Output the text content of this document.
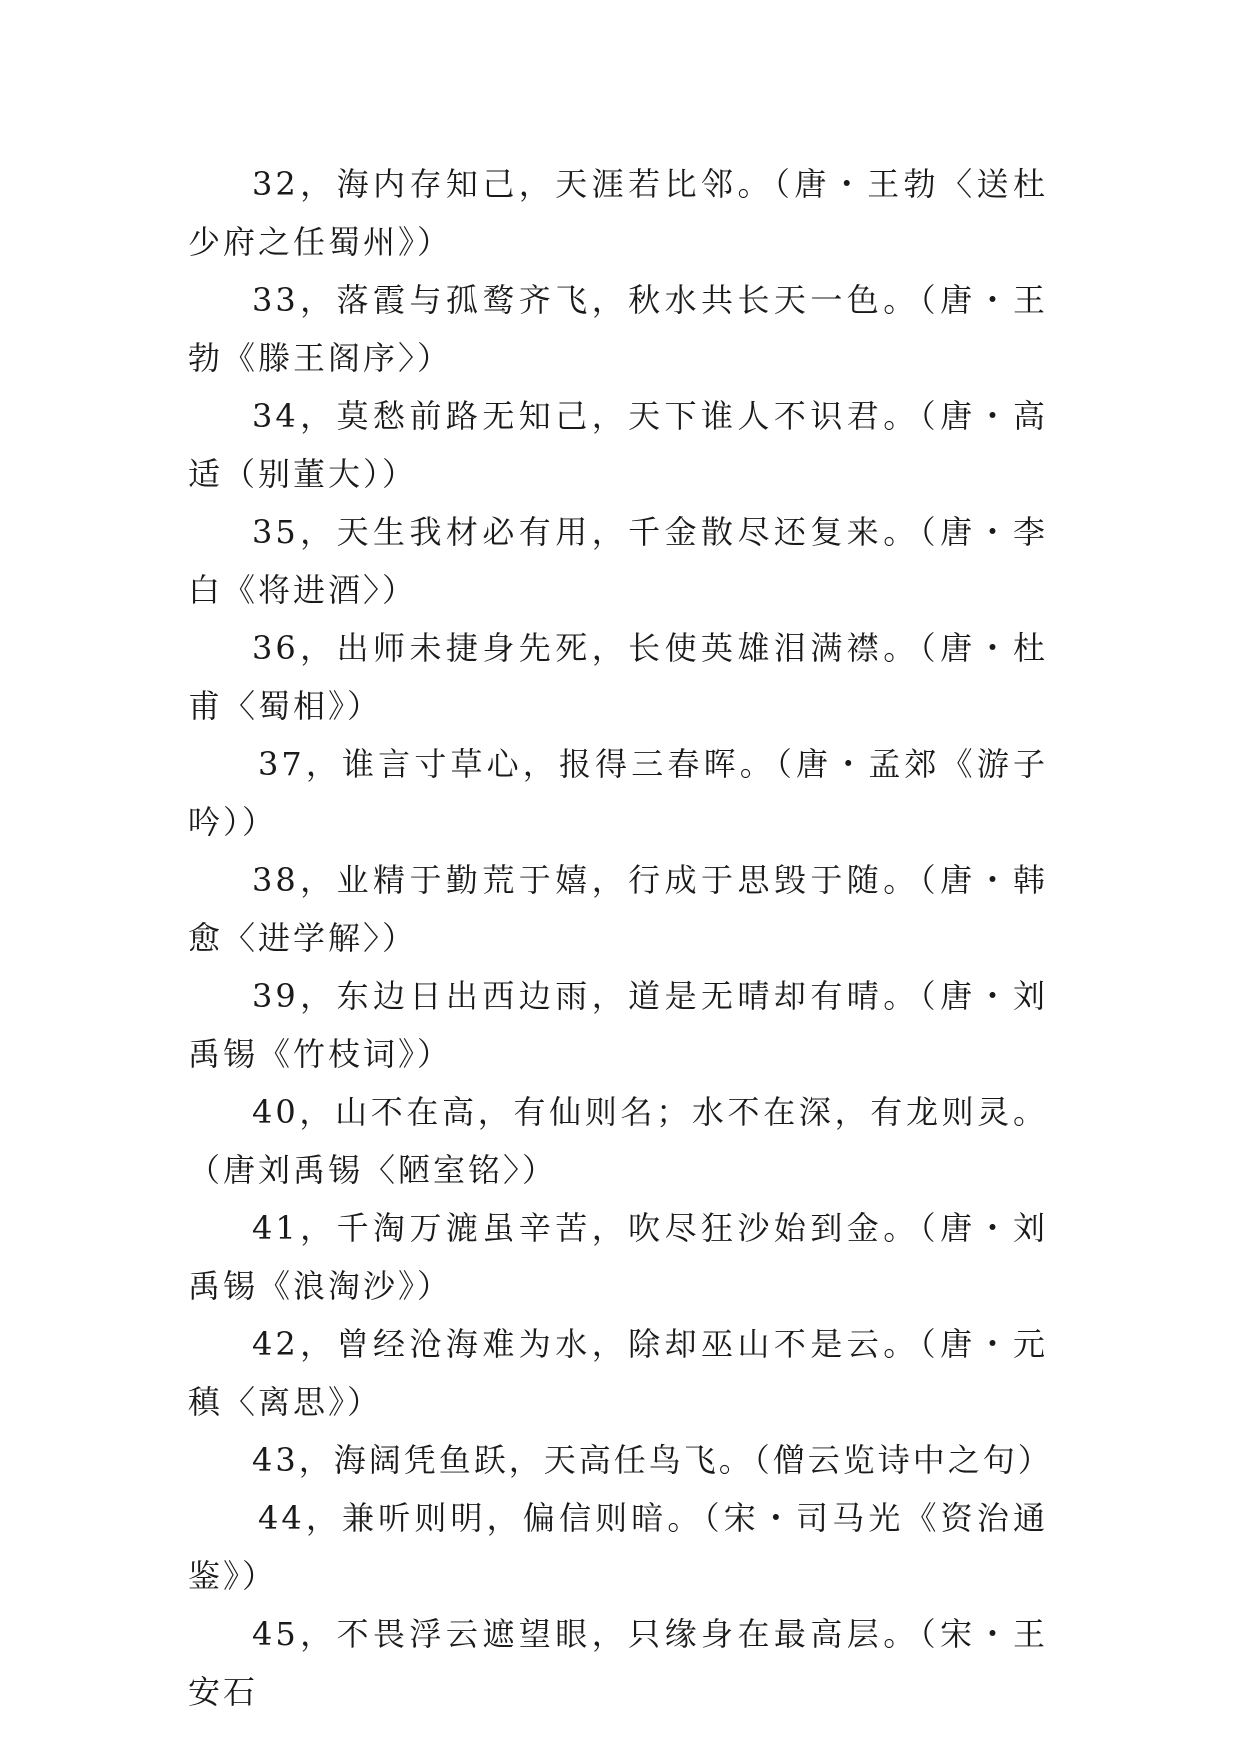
32，海内存知己，天涯若比邻。（唐・王勃〈送杜少府之任蜀州》）

33，落霞与孤鹜齐飞，秋水共长天一色。（唐・王勃《滕王阁序〉）

34，莫愁前路无知己，天下谁人不识君。（唐・高适（别董大））

35，天生我材必有用，千金散尽还复来。（唐・李白《将进酒〉）

36，出师未捷身先死，长使英雄泪满襟。（唐・杜甫〈蜀相》）

37，谁言寸草心，报得三春晖。（唐・孟郊《游子吟））

38，业精于勤荒于嬉，行成于思毁于随。（唐・韩愈〈进学解〉）

39，东边日出西边雨，道是无晴却有晴。（唐・刘禹锡《竹枝词》）

40，山不在高，有仙则名；水不在深，有龙则灵。（唐刘禹锡〈陋室铭〉）

41，千淘万漉虽辛苦，吹尽狂沙始到金。（唐・刘禹锡《浪淘沙》）

42，曾经沧海难为水，除却巫山不是云。（唐・元稹〈离思》）

43，海阔凭鱼跃，天高任鸟飞。（僧云览诗中之句）

44，兼听则明，偏信则暗。（宋・司马光《资治通鉴》）

45，不畏浮云遮望眼，只缘身在最高层。（宋・王安石
